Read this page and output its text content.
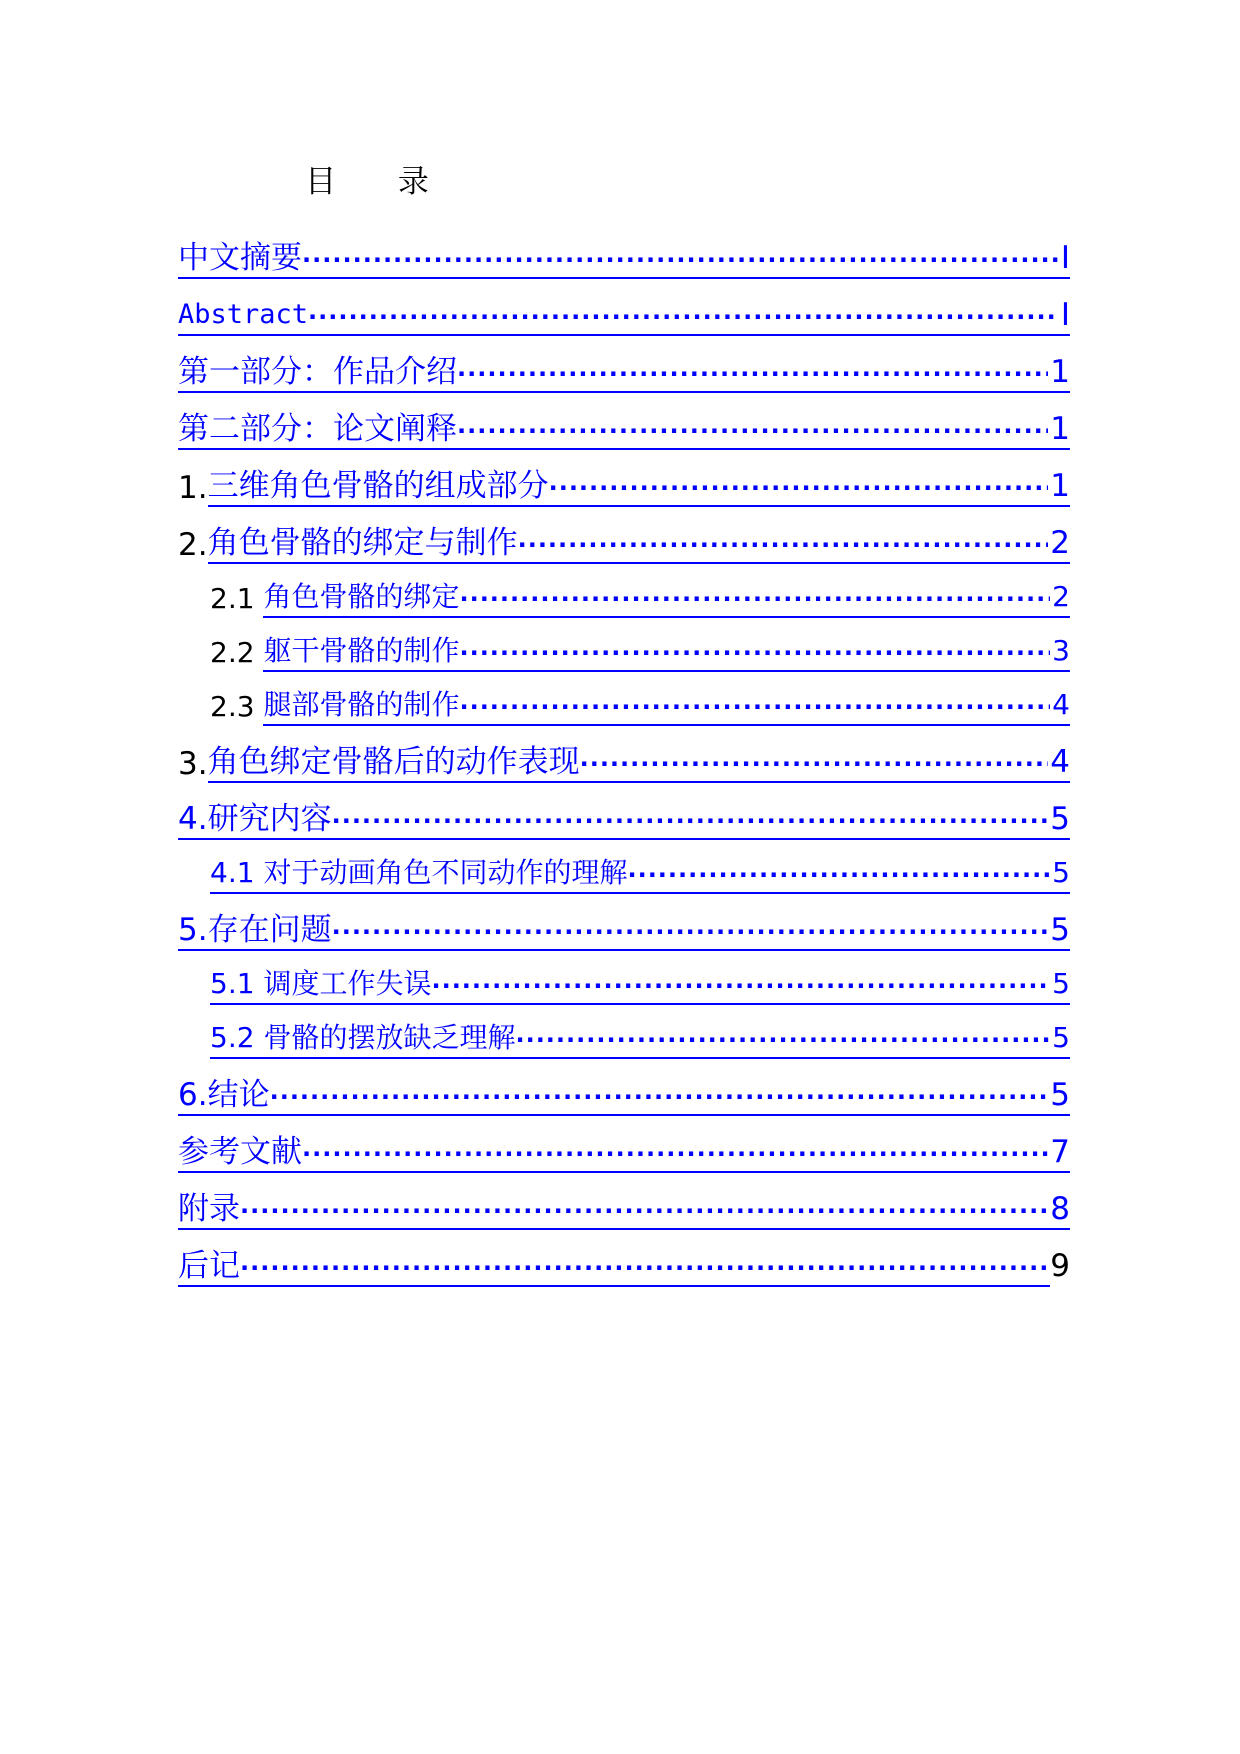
目 录
中文摘要 ·····	I
Abstract ·····	I
第一部分：作品介绍 ·····	1
第二部分：论文阐释 ·····	1
1. 三维角色骨骼的组成部分 ·····	1
2. 角色骨骼的绑定与制作 ·····	2
2.1 角色骨骼的绑定 ·····	2
2.2 躯干骨骼的制作 ·····	3
2.3 腿部骨骼的制作 ·····	4
3. 角色绑定骨骼后的动作表现 ·····	4
4. 研究内容 ·····	5
4.1 对于动画角色不同动作的理解 ·····	5
5. 存在问题 ·····	5
5.1 调度工作失误 ·····	5
5.2 骨骼的摆放缺乏理解 ·····	5
6. 结论 ·····	5
参考文献 ·····	7
附录 ·····	8
后记 ·····	9
